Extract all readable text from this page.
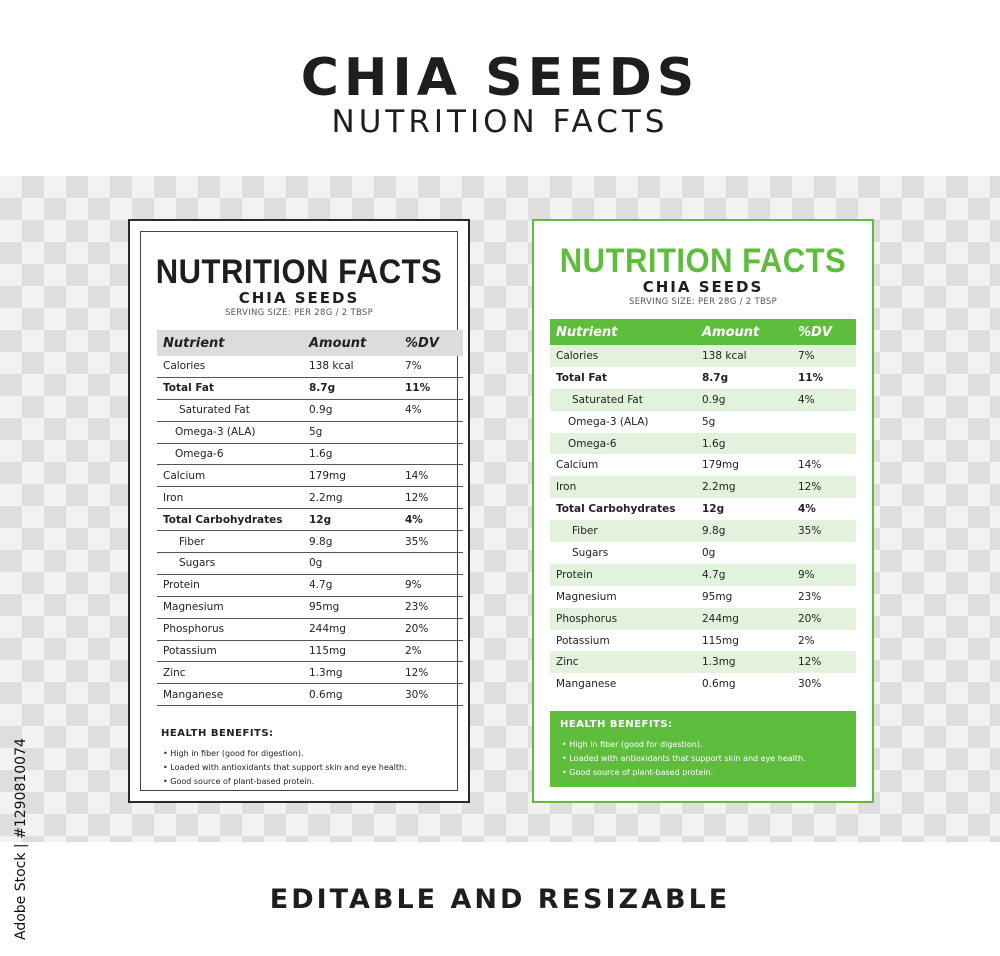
CHIA SEEDS
NUTRITION FACTS
NUTRITION FACTS
CHIA SEEDS
SERVING SIZE: PER 28G / 2 TBSP
Nutrient	Amount	%DV
Calories	138 kcal	7%
Total Fat	8.7g	11%
Saturated Fat	0.9g	4%
Omega-3 (ALA)	5g
Omega-6	1.6g
Calcium	179mg	14%
Iron	2.2mg	12%
Total Carbohydrates	12g	4%
Fiber	9.8g	35%
Sugars	0g
Protein	4.7g	9%
Magnesium	95mg	23%
Phosphorus	244mg	20%
Potassium	115mg	2%
Zinc	1.3mg	12%
Manganese	0.6mg	30%
HEALTH BENEFITS:
• High in fiber (good for digestion).
• Loaded with antioxidants that support skin and eye health.
• Good source of plant-based protein.
NUTRITION FACTS
CHIA SEEDS
SERVING SIZE: PER 28G / 2 TBSP
Nutrient	Amount	%DV
Calories	138 kcal	7%
Total Fat	8.7g	11%
Saturated Fat	0.9g	4%
Omega-3 (ALA)	5g
Omega-6	1.6g
Calcium	179mg	14%
Iron	2.2mg	12%
Total Carbohydrates	12g	4%
Fiber	9.8g	35%
Sugars	0g
Protein	4.7g	9%
Magnesium	95mg	23%
Phosphorus	244mg	20%
Potassium	115mg	2%
Zinc	1.3mg	12%
Manganese	0.6mg	30%
HEALTH BENEFITS:
• High in fiber (good for digestion).
• Loaded with antioxidants that support skin and eye health.
• Good source of plant-based protein.
EDITABLE AND RESIZABLE
Adobe Stock | #1290810074
